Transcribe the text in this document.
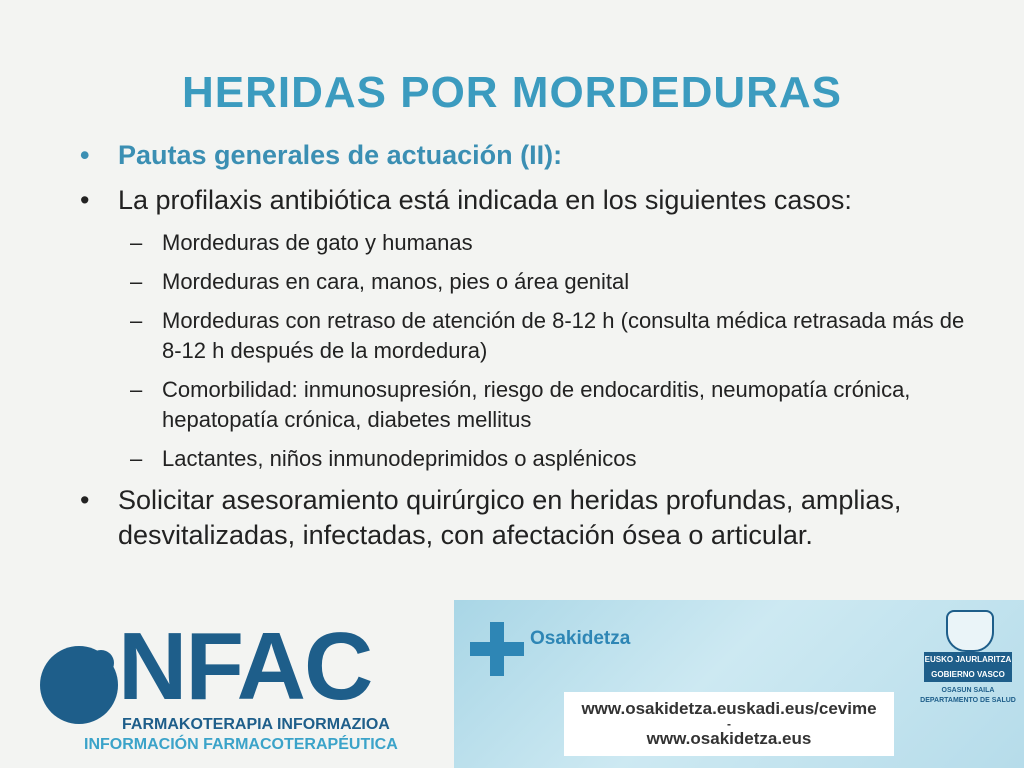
HERIDAS POR MORDEDURAS
• Pautas generales de actuación (II):
• La profilaxis antibiótica está indicada en los siguientes casos:
– Mordeduras de gato y humanas
– Mordeduras en cara, manos, pies o área genital
– Mordeduras con retraso de atención de 8-12 h (consulta médica retrasada más de 8-12 h después de la mordedura)
– Comorbilidad: inmunosupresión, riesgo de endocarditis, neumopatía crónica, hepatopatía crónica, diabetes mellitus
– Lactantes, niños inmunodeprimidos o asplénicos
• Solicitar asesoramiento quirúrgico en heridas profundas, amplias, desvitalizadas, infectadas, con afectación ósea o articular.
NFAC
FARMAKOTERAPIA INFORMAZIOA
INFORMACIÓN FARMACOTERAPÉUTICA
Osakidetza
EUSKO JAURLARITZA
GOBIERNO VASCO
OSASUN SAILA
DEPARTAMENTO DE SALUD
www.osakidetza.euskadi.eus/cevime
-
www.osakidetza.eus
